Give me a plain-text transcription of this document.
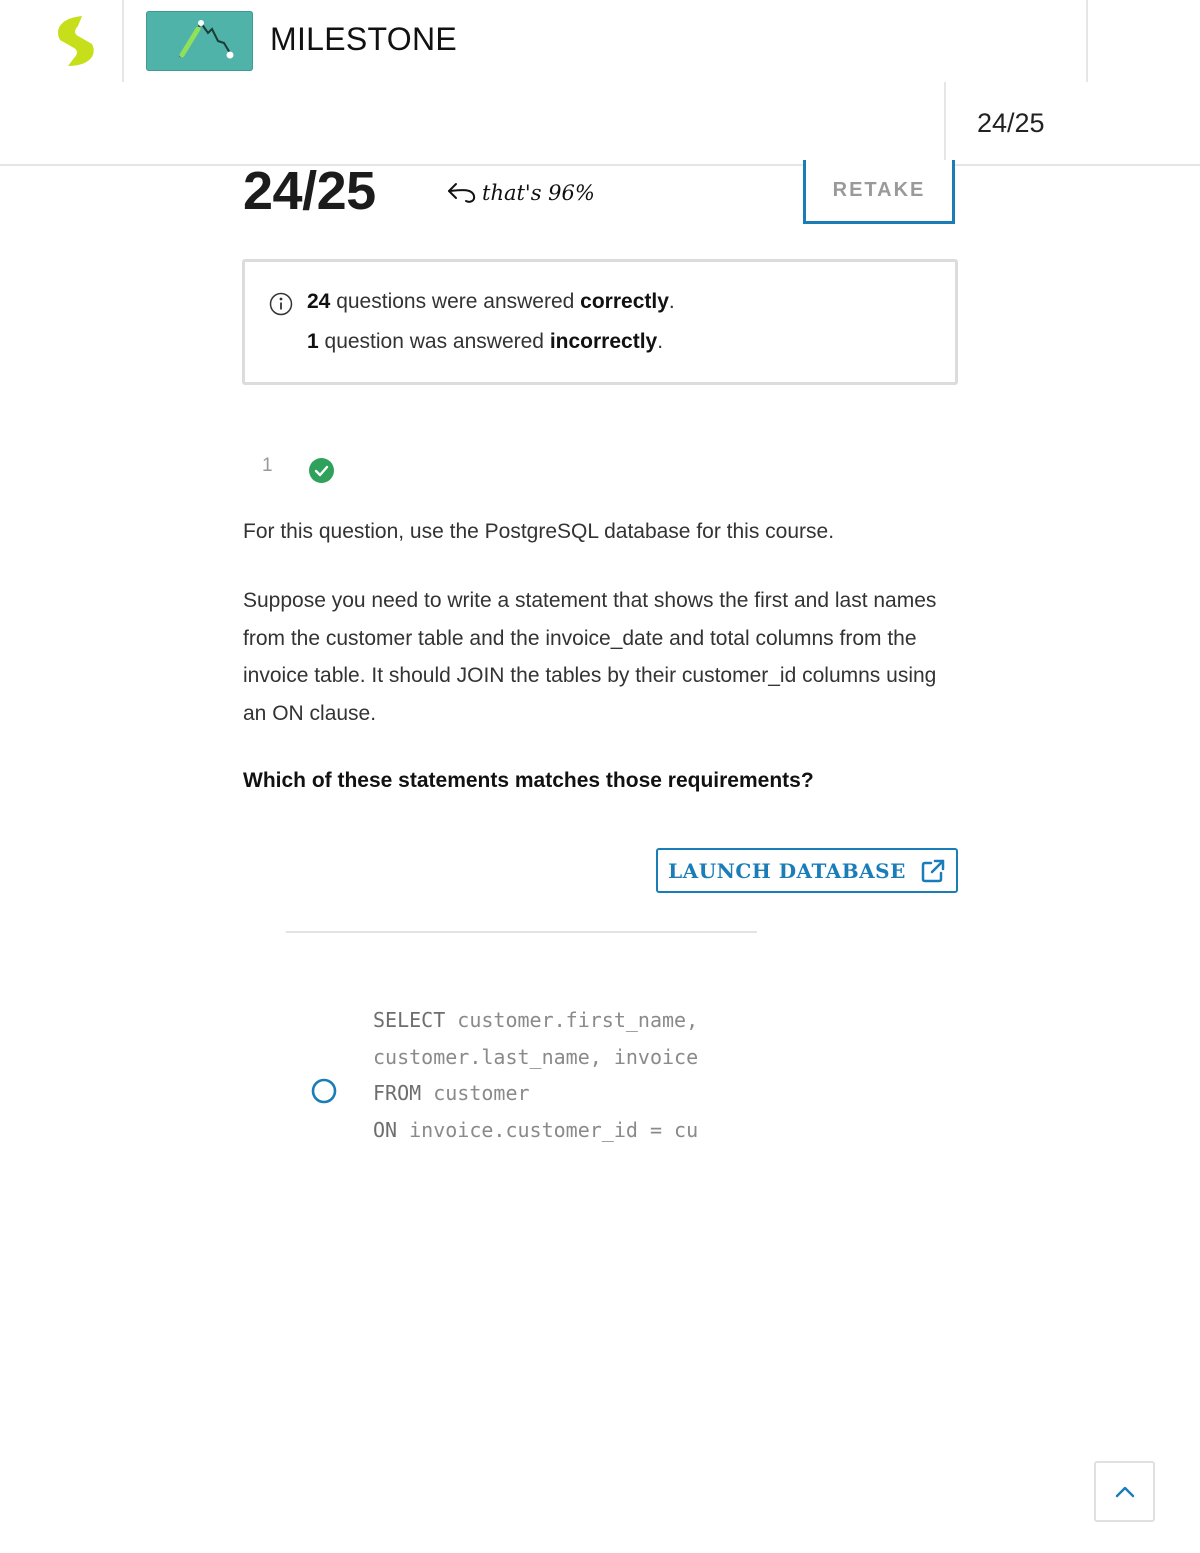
MILESTONE
24/25
24/25	that's 96%	RETAKE
24 questions were answered correctly.
1 question was answered incorrectly.
1
For this question, use the PostgreSQL database for this course.
Suppose you need to write a statement that shows the first and last names from the customer table and the invoice_date and total columns from the invoice table. It should JOIN the tables by their customer_id columns using an ON clause.
Which of these statements matches those requirements?
LAUNCH DATABASE
SELECT customer.first_name,
customer.last_name, invoice
FROM customer
ON invoice.customer_id = cu
